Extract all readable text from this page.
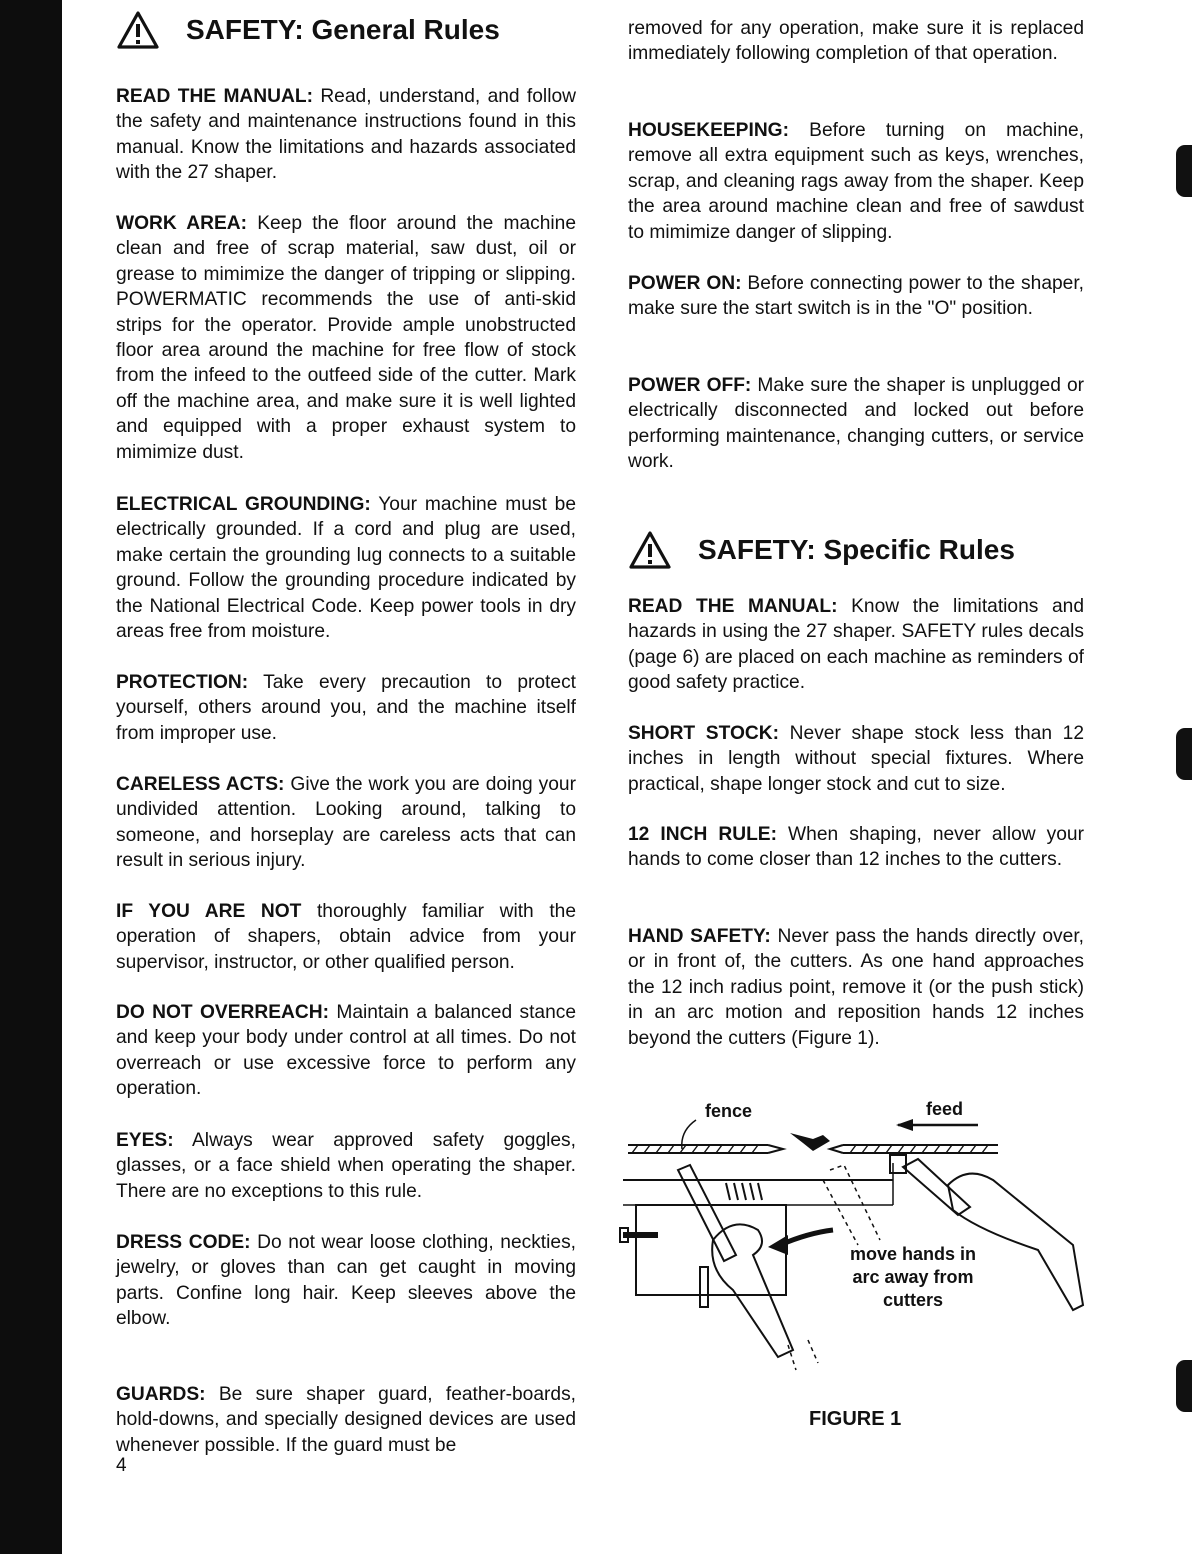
SAFETY: General Rules

READ THE MANUAL: Read, understand, and follow the safety and maintenance instructions found in this manual. Know the limitations and hazards associated with the 27 shaper.

WORK AREA: Keep the floor around the machine clean and free of scrap material, saw dust, oil or grease to mimimize the danger of tripping or slipping. POWERMATIC recommends the use of anti-skid strips for the operator. Provide ample unobstructed floor area around the machine for free flow of stock from the infeed to the outfeed side of the cutter. Mark off the machine area, and make sure it is well lighted and equipped with a proper exhaust system to mimimize dust.

ELECTRICAL GROUNDING: Your machine must be electrically grounded. If a cord and plug are used, make certain the grounding lug connects to a suitable ground. Follow the grounding procedure indicated by the National Electrical Code. Keep power tools in dry areas free from moisture.

PROTECTION: Take every precaution to protect yourself, others around you, and the machine itself from improper use.

CARELESS ACTS: Give the work you are doing your undivided attention. Looking around, talking to someone, and horseplay are careless acts that can result in serious injury.

IF YOU ARE NOT thoroughly familiar with the operation of shapers, obtain advice from your supervisor, instructor, or other qualified person.

DO NOT OVERREACH: Maintain a balanced stance and keep your body under control at all times. Do not overreach or use excessive force to perform any operation.

EYES: Always wear approved safety goggles, glasses, or a face shield when operating the shaper. There are no exceptions to this rule.

DRESS CODE: Do not wear loose clothing, neckties, jewelry, or gloves than can get caught in moving parts. Confine long hair. Keep sleeves above the elbow.

GUARDS: Be sure shaper guard, feather-boards, hold-downs, and specially designed devices are used whenever possible. If the guard must be

4

removed for any operation, make sure it is replaced immediately following completion of that operation.

HOUSEKEEPING: Before turning on machine, remove all extra equipment such as keys, wrenches, scrap, and cleaning rags away from the shaper. Keep the area around machine clean and free of sawdust to mimimize danger of slipping.

POWER ON: Before connecting power to the shaper, make sure the start switch is in the "O" position.

POWER OFF: Make sure the shaper is unplugged or electrically disconnected and locked out before performing maintenance, changing cutters, or service work.

SAFETY: Specific Rules

READ THE MANUAL: Know the limitations and hazards in using the 27 shaper. SAFETY rules decals (page 6) are placed on each machine as reminders of good safety practice.

SHORT STOCK: Never shape stock less than 12 inches in length without special fixtures. Where practical, shape longer stock and cut to size.

12 INCH RULE: When shaping, never allow your hands to come closer than 12 inches to the cutters.

HAND SAFETY: Never pass the hands directly over, or in front of, the cutters. As one hand approaches the 12 inch radius point, remove it (or the push stick) in an arc motion and reposition hands 12 inches beyond the cutters (Figure 1).

fence	feed
move hands in
arc away from
cutters
FIGURE 1
